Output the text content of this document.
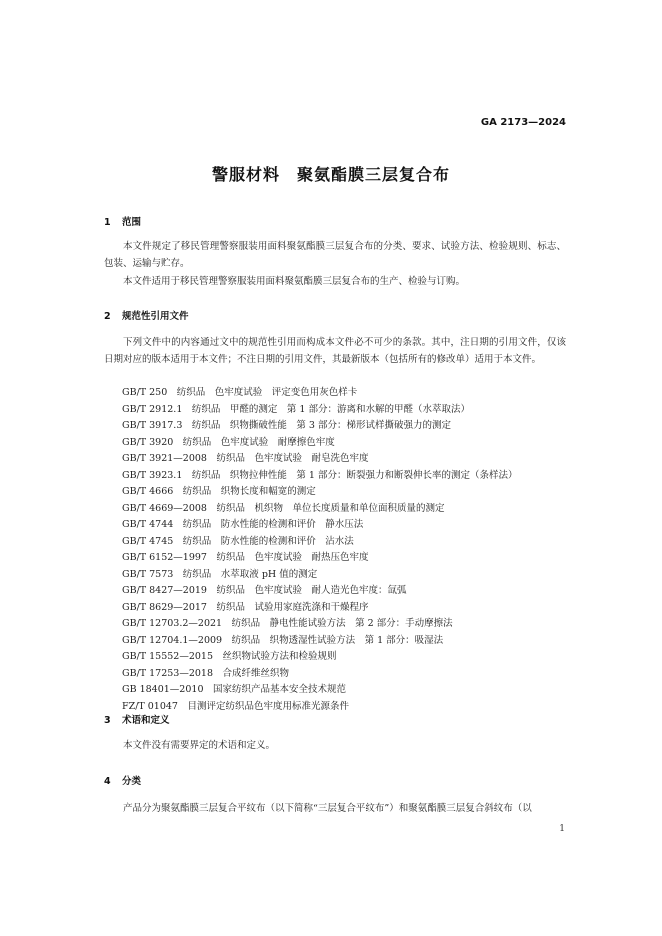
GA 2173—2024
警服材料　聚氨酯膜三层复合布
1 范围
本文件规定了移民管理警察服装用面料聚氨酯膜三层复合布的分类、要求、试验方法、检验规则、标志、包装、运输与贮存。
本文件适用于移民管理警察服装用面料聚氨酯膜三层复合布的生产、检验与订购。
2 规范性引用文件
下列文件中的内容通过文中的规范性引用而构成本文件必不可少的条款。其中，注日期的引用文件，仅该日期对应的版本适用于本文件；不注日期的引用文件，其最新版本（包括所有的修改单）适用于本文件。
GB/T 250　纺织品　色牢度试验　评定变色用灰色样卡
GB/T 2912.1　纺织品　甲醛的测定　第 1 部分：游离和水解的甲醛（水萃取法）
GB/T 3917.3　纺织品　织物撕破性能　第 3 部分：梯形试样撕破强力的测定
GB/T 3920　纺织品　色牢度试验　耐摩擦色牢度
GB/T 3921—2008　纺织品　色牢度试验　耐皂洗色牢度
GB/T 3923.1　纺织品　织物拉伸性能　第 1 部分：断裂强力和断裂伸长率的测定（条样法）
GB/T 4666　纺织品　织物长度和幅宽的测定
GB/T 4669—2008　纺织品　机织物　单位长度质量和单位面积质量的测定
GB/T 4744　纺织品　防水性能的检测和评价　静水压法
GB/T 4745　纺织品　防水性能的检测和评价　沾水法
GB/T 6152—1997　纺织品　色牢度试验　耐热压色牢度
GB/T 7573　纺织品　水萃取液 pH 值的测定
GB/T 8427—2019　纺织品　色牢度试验　耐人造光色牢度：氙弧
GB/T 8629—2017　纺织品　试验用家庭洗涤和干燥程序
GB/T 12703.2—2021　纺织品　静电性能试验方法　第 2 部分：手动摩擦法
GB/T 12704.1—2009　纺织品　织物透湿性试验方法　第 1 部分：吸湿法
GB/T 15552—2015　丝织物试验方法和检验规则
GB/T 17253—2018　合成纤维丝织物
GB 18401—2010　国家纺织产品基本安全技术规范
FZ/T 01047　目测评定纺织品色牢度用标准光源条件
3 术语和定义
本文件没有需要界定的术语和定义。
4 分类
产品分为聚氨酯膜三层复合平纹布（以下简称“三层复合平纹布”）和聚氨酯膜三层复合斜纹布（以
1
